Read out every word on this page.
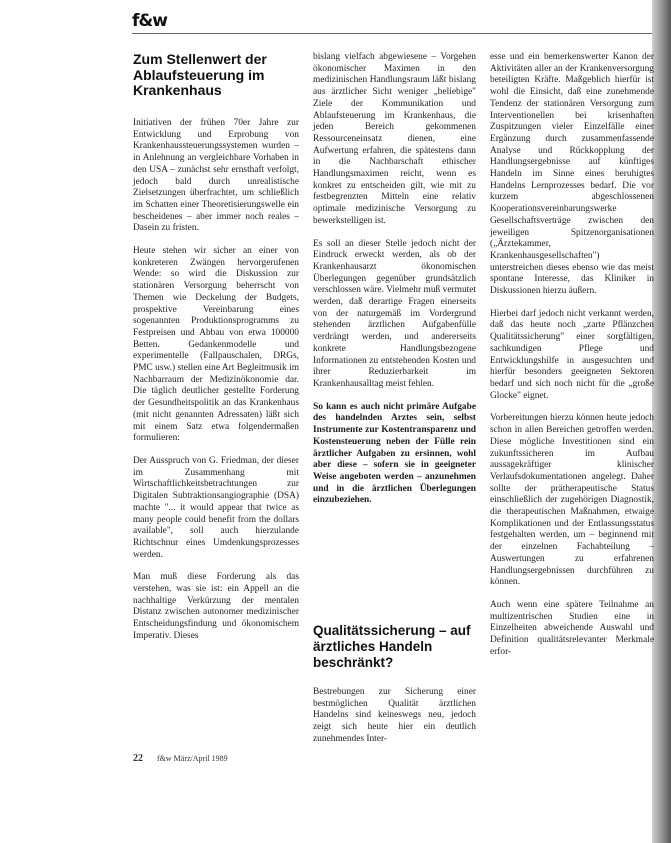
f&w
Zum Stellenwert der Ablaufsteuerung im Krankenhaus

Initiativen der frühen 70er Jahre zur Entwicklung und Erprobung von Krankenhaussteuerungssystemen wurden – in Anlehnung an vergleichbare Vorhaben in den USA – zunächst sehr ernsthaft verfolgt, jedoch bald durch unrealistische Zielsetzungen überfrachtet, um schließlich im Schatten einer Theoretisierungswelle ein bescheidenes – aber immer noch reales – Dasein zu fristen.

Heute stehen wir sicher an einer von konkreteren Zwängen hervorgerufenen Wende: so wird die Diskussion zur stationären Versorgung beherrscht von Themen wie Deckelung der Budgets, prospektive Vereinbarung eines sogenannten Produktionsprogramms zu Festpreisen und Abbau von etwa 100000 Betten. Gedankenmodelle und experimentelle (Fallpauschalen, DRGs, PMC usw.) stellen eine Art Begleitmusik im Nachbarraum der Medizinökonomie dar. Die täglich deutlicher gestellte Forderung der Gesundheitspolitik an das Krankenhaus (mit nicht genannten Adressaten) läßt sich mit einem Satz etwa folgendermaßen formulieren:

Der Ausspruch von G. Friedman, der dieser im Zusammenhang mit Wirtschaftlichkeitsbetrachtungen zur Digitalen Subtraktionsangiographie (DSA) machte "... it would appear that twice as many people could benefit from the dollars available", soll auch hierzulande Richtschnur eines Umdenkungsprozesses werden.

Man muß diese Forderung als das verstehen, was sie ist: ein Appell an die nachhaltige Verkürzung der mentalen Distanz zwischen autonomer medizinischer Entscheidungsfindung und ökonomischem Imperativ. Dieses

bislang vielfach abgewiesene – Vorgehen ökonomischer Maximen in den medizinischen Handlungsraum läßt bislang aus ärztlicher Sicht weniger „beliebige" Ziele der Kommunikation und Ablaufsteuerung im Krankenhaus, die jeden Bereich gekommenen Ressourceneinsatz dienen, eine Aufwertung erfahren, die spätestens dann in die Nachbarschaft ethischer Handlungsmaximen reicht, wenn es konkret zu entscheiden gilt, wie mit zu festbegrenzten Mitteln eine relativ optimale medizinische Versorgung zu bewerkstelligen ist.

Es soll an dieser Stelle jedoch nicht der Eindruck erweckt werden, als ob der Krankenhausarzt ökonomischen Überlegungen gegenüber grundsätzlich verschlossen wäre. Vielmehr muß vermutet werden, daß derartige Fragen einerseits von der naturgemäß im Vordergrund stehenden ärztlichen Aufgabenfülle verdrängt werden, und andererseits konkrete Handlungsbezogene Informationen zu entstehenden Kosten und ihrer Reduzierbarkeit im Krankenhausalltag meist fehlen.

So kann es auch nicht primäre Aufgabe des handelnden Arztes sein, selbst Instrumente zur Kostentransparenz und Kostensteuerung neben der Fülle rein ärztlicher Aufgaben zu ersinnen, wohl aber diese – sofern sie in geeigneter Weise angeboten werden – anzunehmen und in die ärztlichen Überlegungen einzubeziehen.

Qualitätssicherung – auf ärztliches Handeln beschränkt?

Bestrebungen zur Sicherung einer bestmöglichen Qualität ärztlichen Handelns sind keineswegs neu, jedoch zeigt sich heute hier ein deutlich zunehmendes Inter-

esse und ein bemerkenswerter Kanon der Aktivitäten aller an der Krankenversorgung beteiligten Kräfte. Maßgeblich hierfür ist wohl die Einsicht, daß eine zunehmende Tendenz der stationären Versorgung zum Interventionellen bei krisenhaften Zuspitzungen vieler Einzelfälle einer Ergänzung durch zusammenfassende Analyse und Rückkopplung der Handlungsergebnisse auf künftiges Handeln im Sinne eines beruhigtes Handelns Lernprozesses bedarf. Die vor kurzem abgeschlossenen Kooperationsvereinbarungswerke Gesellschaftsverträge zwischen den jeweiligen Spitzenorganisationen („Ärztekammer, Krankenhausgesellschaften") unterstreichen dieses ebenso wie das meist spontane Interesse, das Kliniker in Diskussionen hierzu äußern.

Hierbei darf jedoch nicht verkannt werden, daß das heute noch „zarte Pflänzchen Qualitätssicherung" einer sorgfältigen, sachkundigen Pflege und Entwicklungshilfe in ausgesuchten und hierfür besonders geeigneten Sektoren bedarf und sich noch nicht für die „große Glocke" eignet.

Vorbereitungen hierzu können heute jedoch schon in allen Bereichen getroffen werden. Diese mögliche Investitionen sind ein zukunftssicheren im Aufbau aussagekräftiger klinischer Verlaufsdokumentationen angelegt. Daher sollte der prätherapeutische Status einschließlich der zugehörigen Diagnostik, die therapeutischen Maßnahmen, etwaige Komplikationen und der Entlassungsstatus festgehalten werden, um – beginnend mit der einzelnen Fachabteilung – Auswertungen zu erfahrenen Handlungsergebnissen durchführen zu können.

Auch wenn eine spätere Teilnahme an multizentrischen Studien eine in Einzelheiten abweichende Auswahl und Definition qualitätsrelevanter Merkmale erfor-

22 f&w März/April 1989
